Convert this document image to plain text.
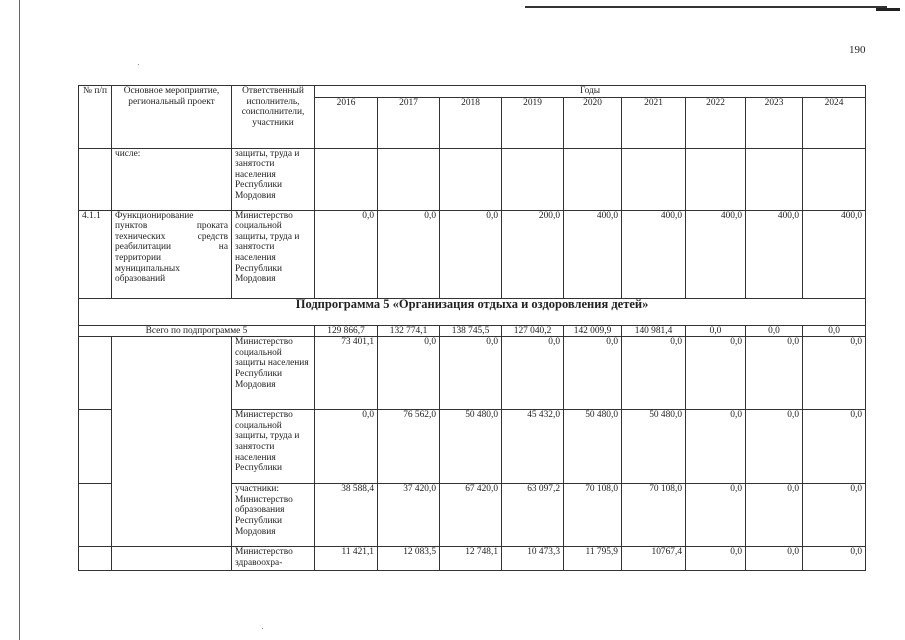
190
№ п/п	Основное мероприятие, региональный проект	Ответственный исполнитель, соисполнители, участники	Годы								
			2016	2017	2018	2019	2020	2021	2022	2023	2024
	числе:	защиты, труда и занятости населения Республики Мордовия									
4.1.1	Функционирование пунктов проката технических средств реабилитации на территории муниципальных образований	Министерство социальной защиты, труда и занятости населения Республики Мордовия	0,0	0,0	0,0	200,0	400,0	400,0	400,0	400,0	400,0
Подпрограмма 5 «Организация отдыха и оздоровления детей»											
Всего по подпрограмме 5			129 866,7	132 774,1	138 745,5	127 040,2	142 009,9	140 981,4	0,0	0,0	0,0
		Министерство социальной защиты населения Республики Мордовия	73 401,1	0,0	0,0	0,0	0,0	0,0	0,0	0,0	0,0
		Министерство социальной защиты, труда и занятости населения Республики	0,0	76 562,0	50 480,0	45 432,0	50 480,0	50 480,0	0,0	0,0	0,0
		участники: Министерство образования Республики Мордовия	38 588,4	37 420,0	67 420,0	63 097,2	70 108,0	70 108,0	0,0	0,0	0,0
		Министерство здравоохра-	11 421,1	12 083,5	12 748,1	10 473,3	11 795,9	10767,4	0,0	0,0	0,0
